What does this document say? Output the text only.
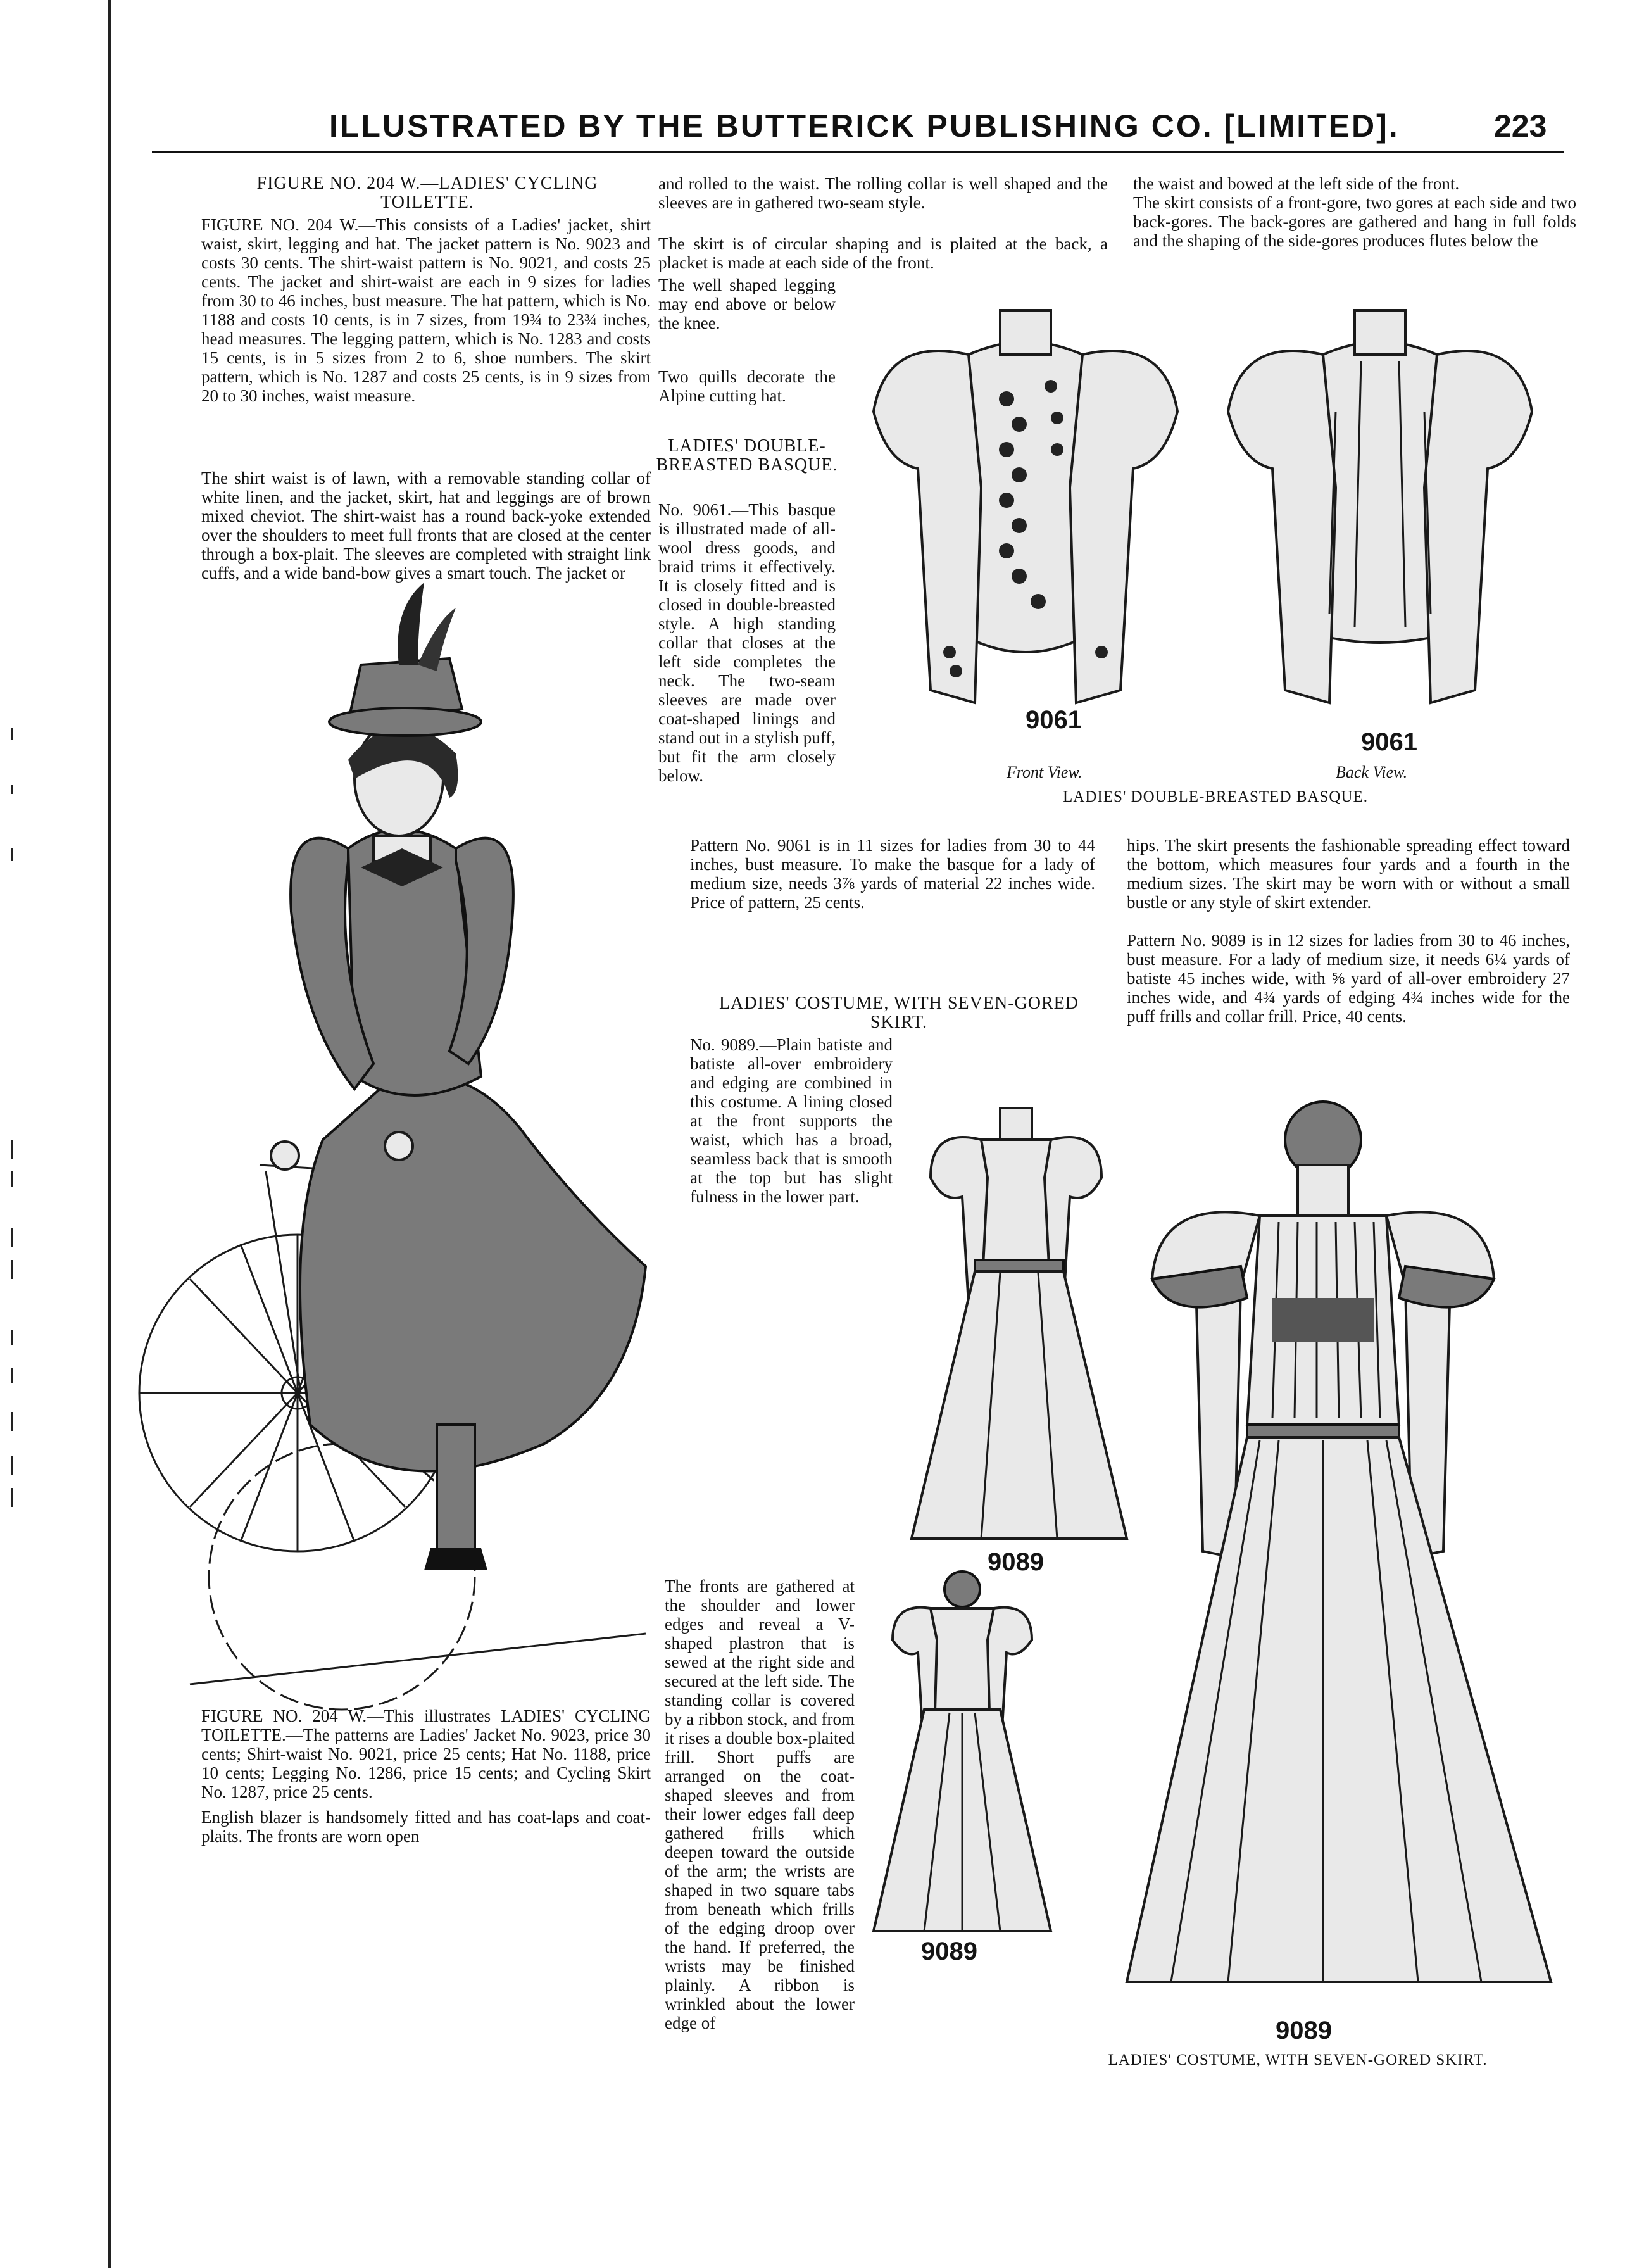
ILLUSTRATED BY THE BUTTERICK PUBLISHING CO. [LIMITED].	223
FIGURE NO. 204 W.—LADIES' CYCLING TOILETTE.
FIGURE NO. 204 W.—This consists of a Ladies' jacket, shirt waist, skirt, legging and hat. The jacket pattern is No. 9023 and costs 30 cents. The shirt-waist pattern is No. 9021, and costs 25 cents. The jacket and shirt-waist are each in 9 sizes for ladies from 30 to 46 inches, bust measure. The hat pattern, which is No. 1188 and costs 10 cents, is in 7 sizes, from 19¾ to 23¾ inches, head measures. The legging pattern, which is No. 1283 and costs 15 cents, is in 5 sizes from 2 to 6, shoe numbers. The skirt pattern, which is No. 1287 and costs 25 cents, is in 9 sizes from 20 to 30 inches, waist measure.
The shirt waist is of lawn, with a removable standing collar of white linen, and the jacket, skirt, hat and leggings are of brown mixed cheviot. The shirt-waist has a round back-yoke extended over the shoulders to meet full fronts that are closed at the center through a box-plait. The sleeves are completed with straight link cuffs, and a wide band-bow gives a smart touch. The jacket or
FIGURE NO. 204 W.—This illustrates LADIES' CYCLING TOILETTE.—The patterns are Ladies' Jacket No. 9023, price 30 cents; Shirt-waist No. 9021, price 25 cents; Hat No. 1188, price 10 cents; Legging No. 1286, price 15 cents; and Cycling Skirt No. 1287, price 25 cents.
English blazer is handsomely fitted and has coat-laps and coat-plaits. The fronts are worn open
and rolled to the waist. The rolling collar is well shaped and the sleeves are in gathered two-seam style.
The skirt is of circular shaping and is plaited at the back, a placket is made at each side of the front.
The well shaped legging may end above or below the knee.
Two quills decorate the Alpine cutting hat.
LADIES' DOUBLE-BREASTED BASQUE.
No. 9061.—This basque is illustrated made of all-wool dress goods, and braid trims it effectively. It is closely fitted and is closed in double-breasted style. A high standing collar that closes at the left side completes the neck. The two-seam sleeves are made over coat-shaped linings and stand out in a stylish puff, but fit the arm closely below.
9061
Front View.
9061
Back View.
LADIES' DOUBLE-BREASTED BASQUE.
Pattern No. 9061 is in 11 sizes for ladies from 30 to 44 inches, bust measure. To make the basque for a lady of medium size, needs 3⅞ yards of material 22 inches wide. Price of pattern, 25 cents.
LADIES' COSTUME, WITH SEVEN-GORED SKIRT.
No. 9089.—Plain batiste and batiste all-over embroidery and edging are combined in this costume. A lining closed at the front supports the waist, which has a broad, seamless back that is smooth at the top but has slight fulness in the lower part.
9089
the waist and bowed at the left side of the front.
The skirt consists of a front-gore, two gores at each side and two back-gores. The back-gores are gathered and hang in full folds and the shaping of the side-gores produces flutes below the
hips. The skirt presents the fashionable spreading effect toward the bottom, which measures four yards and a fourth in the medium sizes. The skirt may be worn with or without a small bustle or any style of skirt extender.
Pattern No. 9089 is in 12 sizes for ladies from 30 to 46 inches, bust measure. For a lady of medium size, it needs 6¼ yards of batiste 45 inches wide, with ⅝ yard of all-over embroidery 27 inches wide, and 4¾ yards of edging 4¾ inches wide for the puff frills and collar frill. Price, 40 cents.
9089
LADIES' COSTUME, WITH SEVEN-GORED SKIRT.
The fronts are gathered at the shoulder and lower edges and reveal a V-shaped plastron that is sewed at the right side and secured at the left side. The standing collar is covered by a ribbon stock, and from it rises a double box-plaited frill. Short puffs are arranged on the coat-shaped sleeves and from their lower edges fall deep gathered frills which deepen toward the outside of the arm; the wrists are shaped in two square tabs from beneath which frills of the edging droop over the hand. If preferred, the wrists may be finished plainly. A ribbon is wrinkled about the lower edge of
9089
